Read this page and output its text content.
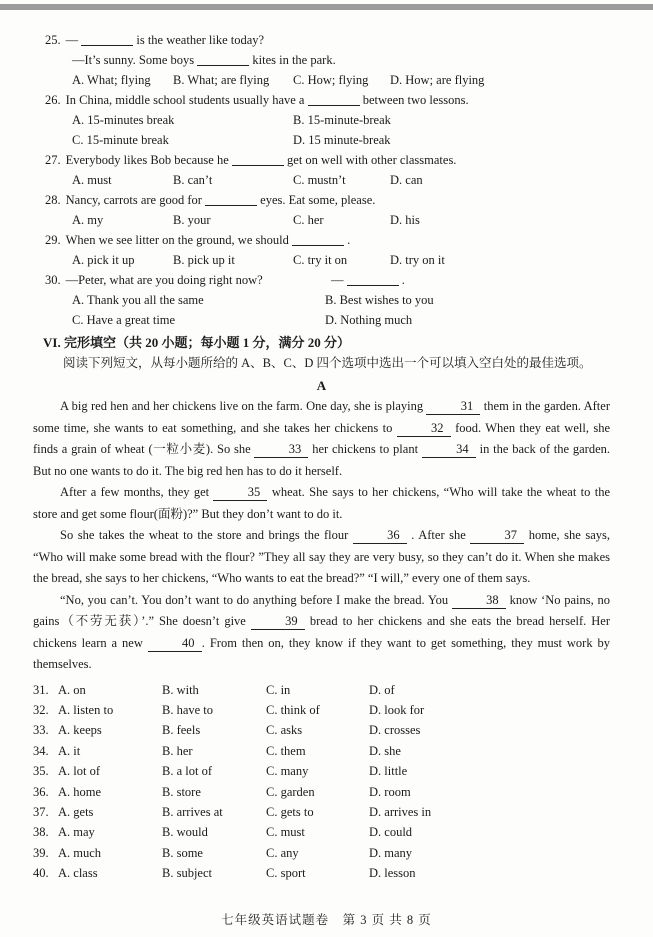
25. —	is the weather like today?
—It’s sunny. Some boys	kites in the park.
A. What; flying	B. What; are flying	C. How; flying	D. How; are flying
26. In China, middle school students usually have a	between two lessons.
A. 15-minutes break	B. 15-minute-break
C. 15-minute break	D. 15 minute-break
27. Everybody likes Bob because he	get on well with other classmates.
A. must	B. can’t	C. mustn’t	D. can
28. Nancy, carrots are good for	eyes. Eat some, please.
A. my	B. your	C. her	D. his
29. When we see litter on the ground, we should	.
A. pick it up	B. pick up it	C. try it on	D. try on it
30. —Peter, what are you doing right now?	—	.
A. Thank you all the same	B. Best wishes to you
C. Have a great time	D. Nothing much
VI. 完形填空（共 20 小题；每小题 1 分，满分 20 分）
阅读下列短文，从每小题所给的 A、B、C、D 四个选项中选出一个可以填入空白处的最佳选项。
A

A big red hen and her chickens live on the farm. One day, she is playing	31 them in the garden. After some time, she wants to eat something, and she takes her chickens to	32 food. When they eat well, she finds a grain of wheat (一粒小麦). So she	33 her chickens to plant	34 in the back of the garden. But no one wants to do it. The big red hen has to do it herself.

After a few months, they get	35 wheat. She says to her chickens, “Who will take the wheat to the store and get some flour(面粉)?” But they don’t want to do it.

So she takes the wheat to the store and brings the flour	36 . After she	37 home, she says, “Who will make some bread with the flour? ”They all say they are very busy, so they can’t do it. When she makes the bread, she says to her chickens, “Who wants to eat the bread?” “I will,” every one of them says.

“No, you can’t. You don’t want to do anything before I make the bread. You	38 know ‘No pains, no gains（不劳无获）’.” She doesn’t give	39 bread to her chickens and she eats the bread herself. Her chickens learn a new	40 . From then on, they know if they want to get something, they must work by themselves.

31. A. on	B. with	C. in	D. of
32. A. listen to	B. have to	C. think of	D. look for
33. A. keeps	B. feels	C. asks	D. crosses
34. A. it	B. her	C. them	D. she
35. A. lot of	B. a lot of	C. many	D. little
36. A. home	B. store	C. garden	D. room
37. A. gets	B. arrives at	C. gets to	D. arrives in
38. A. may	B. would	C. must	D. could
39. A. much	B. some	C. any	D. many
40. A. class	B. subject	C. sport	D. lesson
七年级英语试题卷　第 3 页 共 8 页
